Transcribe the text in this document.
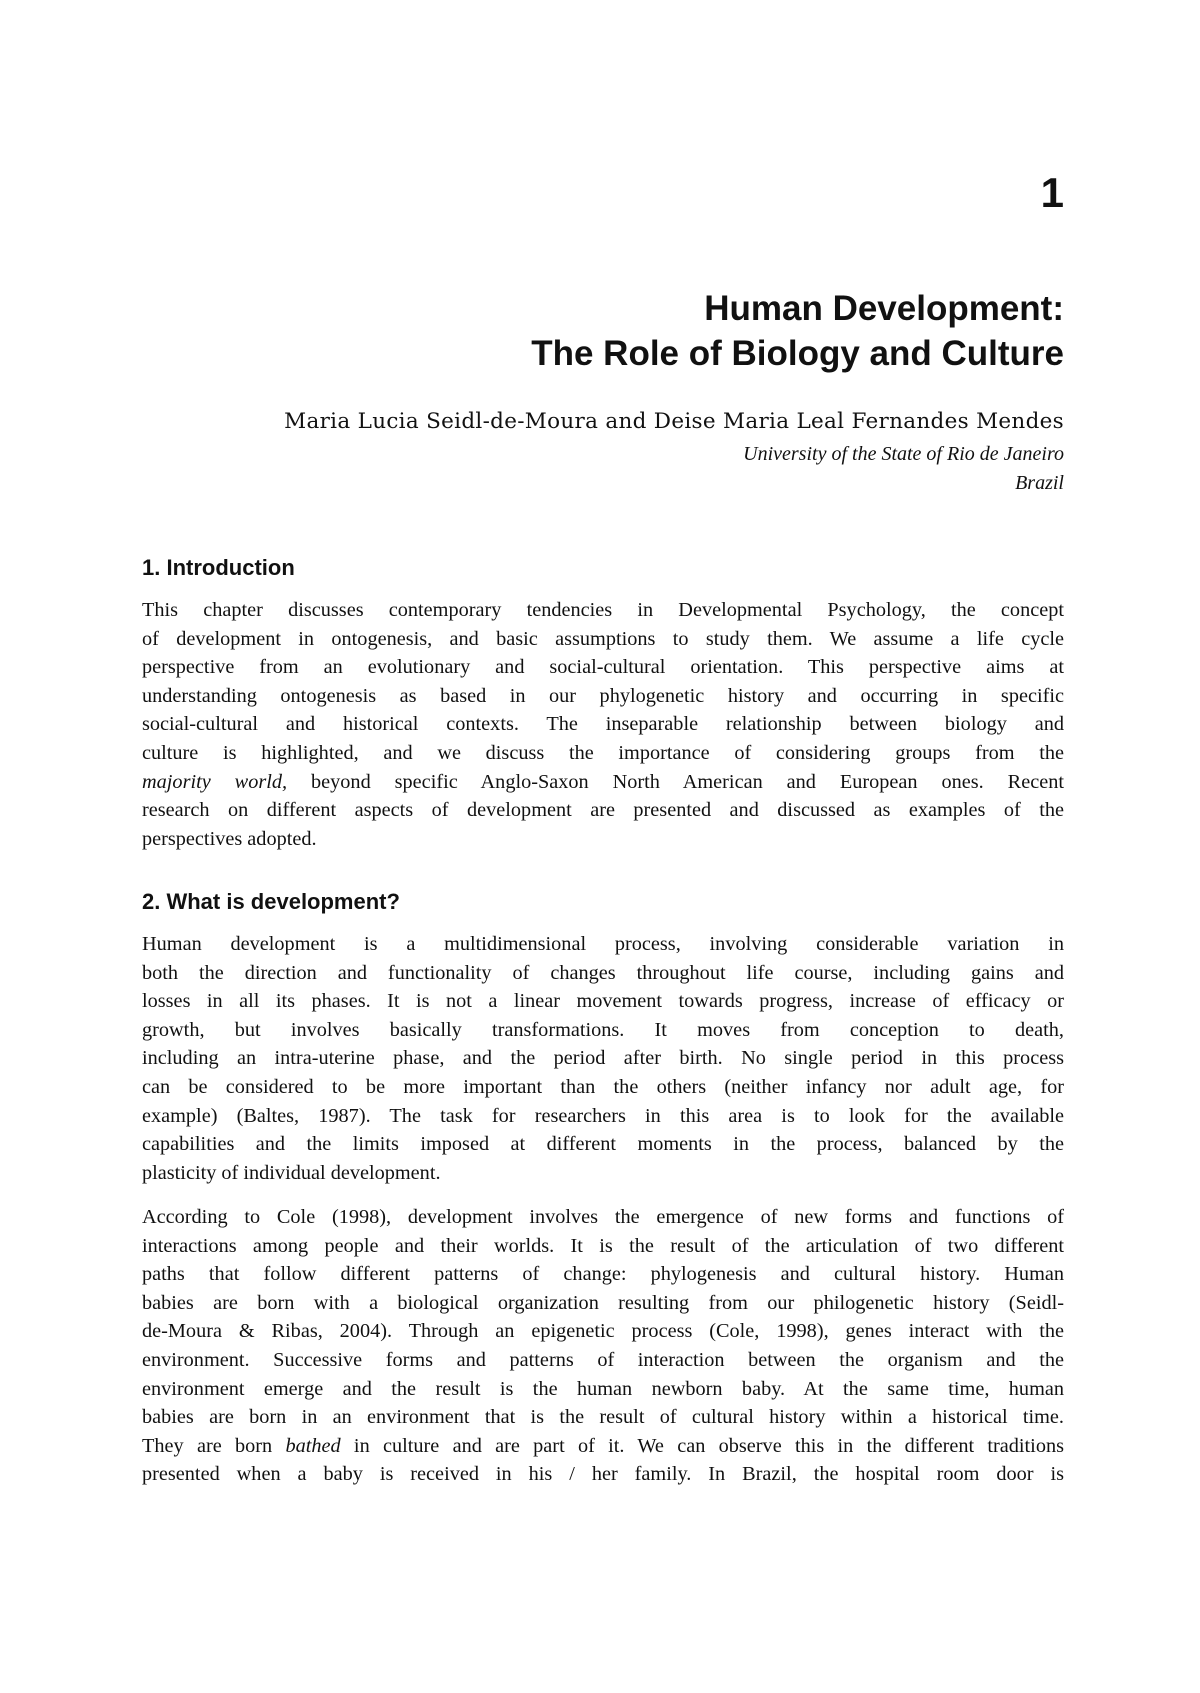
1
Human Development:
The Role of Biology and Culture
Maria Lucia Seidl-de-Moura and Deise Maria Leal Fernandes Mendes
University of the State of Rio de Janeiro
Brazil
1. Introduction
This chapter discusses contemporary tendencies in Developmental Psychology, the concept
of development in ontogenesis, and basic assumptions to study them. We assume a life cycle
perspective from an evolutionary and social-cultural orientation. This perspective aims at
understanding ontogenesis as based in our phylogenetic history and occurring in specific
social-cultural and historical contexts. The inseparable relationship between biology and
culture is highlighted, and we discuss the importance of considering groups from the
majority world, beyond specific Anglo-Saxon North American and European ones. Recent
research on different aspects of development are presented and discussed as examples of the
perspectives adopted.
2. What is development?
Human development is a multidimensional process, involving considerable variation in
both the direction and functionality of changes throughout life course, including gains and
losses in all its phases. It is not a linear movement towards progress, increase of efficacy or
growth, but involves basically transformations. It moves from conception to death,
including an intra-uterine phase, and the period after birth. No single period in this process
can be considered to be more important than the others (neither infancy nor adult age, for
example) (Baltes, 1987). The task for researchers in this area is to look for the available
capabilities and the limits imposed at different moments in the process, balanced by the
plasticity of individual development.
According to Cole (1998), development involves the emergence of new forms and functions of
interactions among people and their worlds. It is the result of the articulation of two different
paths that follow different patterns of change: phylogenesis and cultural history. Human
babies are born with a biological organization resulting from our philogenetic history (Seidl-
de-Moura & Ribas, 2004). Through an epigenetic process (Cole, 1998), genes interact with the
environment. Successive forms and patterns of interaction between the organism and the
environment emerge and the result is the human newborn baby. At the same time, human
babies are born in an environment that is the result of cultural history within a historical time.
They are born bathed in culture and are part of it. We can observe this in the different traditions
presented when a baby is received in his / her family. In Brazil, the hospital room door is
